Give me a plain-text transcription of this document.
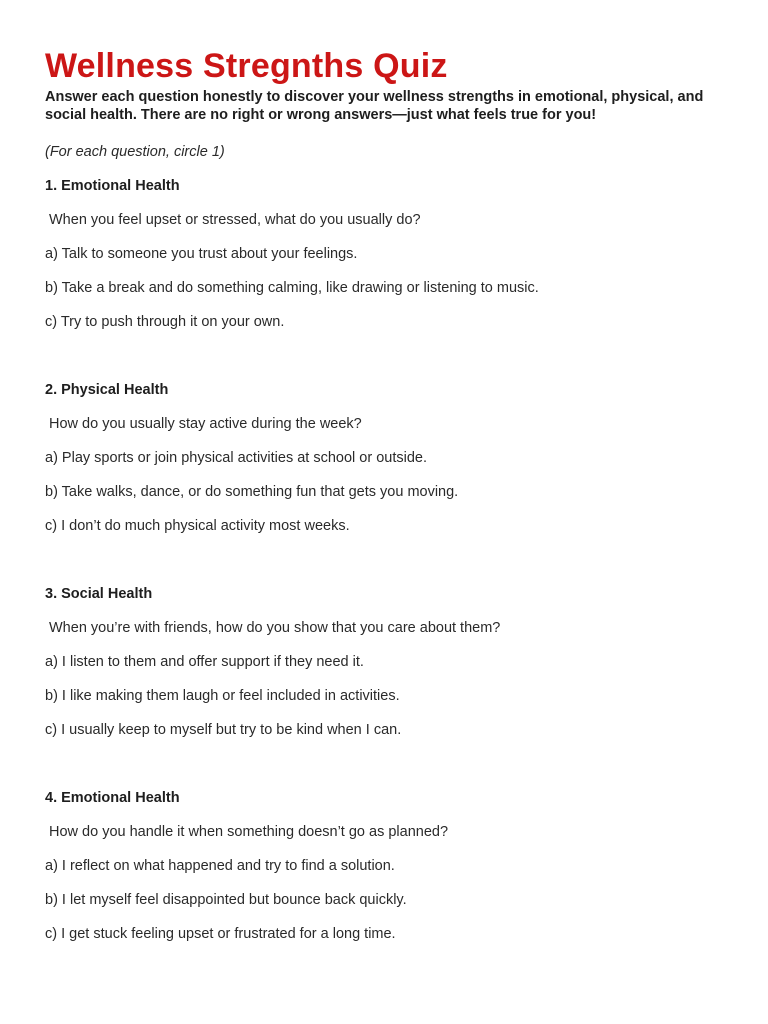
Wellness Stregnths Quiz

Answer each question honestly to discover your wellness strengths in emotional, physical, and social health. There are no right or wrong answers—just what feels true for you!

(For each question, circle 1)

1. Emotional Health

When you feel upset or stressed, what do you usually do?

a) Talk to someone you trust about your feelings.

b) Take a break and do something calming, like drawing or listening to music.

c) Try to push through it on your own.

2. Physical Health

How do you usually stay active during the week?

a) Play sports or join physical activities at school or outside.

b) Take walks, dance, or do something fun that gets you moving.

c) I don’t do much physical activity most weeks.

3. Social Health

When you’re with friends, how do you show that you care about them?

a) I listen to them and offer support if they need it.

b) I like making them laugh or feel included in activities.

c) I usually keep to myself but try to be kind when I can.

4. Emotional Health

How do you handle it when something doesn’t go as planned?

a) I reflect on what happened and try to find a solution.

b) I let myself feel disappointed but bounce back quickly.

c) I get stuck feeling upset or frustrated for a long time.
